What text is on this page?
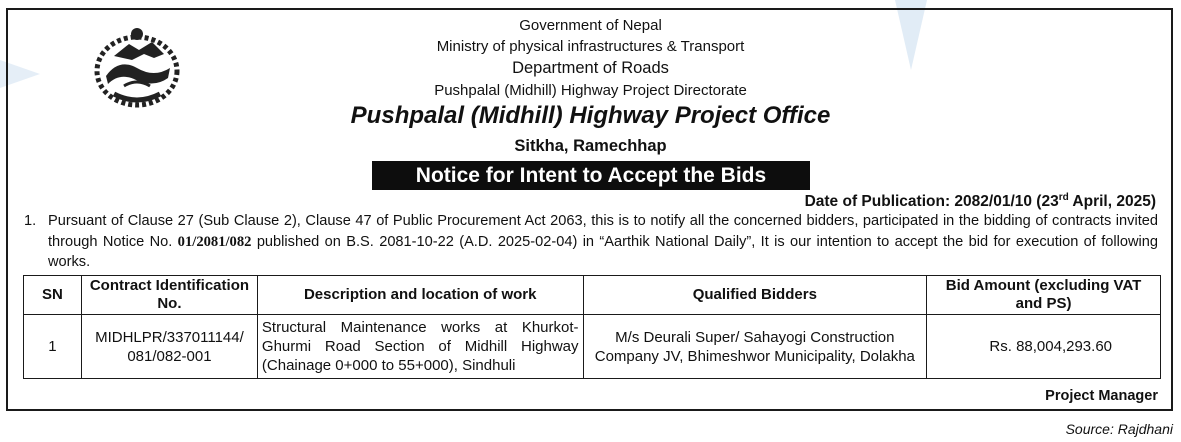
Government of Nepal
Ministry of physical infrastructures & Transport
Department of Roads
Pushpalal (Midhill) Highway Project Directorate
Pushpalal (Midhill) Highway Project Office
Sitkha, Ramechhap
Notice for Intent to Accept the Bids
Date of Publication: 2082/01/10 (23rd April, 2025)
1. Pursuant of Clause 27 (Sub Clause 2), Clause 47 of Public Procurement Act 2063, this is to notify all the concerned bidders, participated in the bidding of contracts invited through Notice No. 01/2081/082 published on B.S. 2081-10-22 (A.D. 2025-02-04) in “Aarthik National Daily”, It is our intention to accept the bid for execution of following works.
SN	Contract Identification No.	Description and location of work	Qualified Bidders	Bid Amount (excluding VAT and PS)
1	MIDHLPR/337011144/ 081/082-001	Structural Maintenance works at Khurkot-Ghurmi Road Section of Midhill Highway (Chainage 0+000 to 55+000), Sindhuli	M/s Deurali Super/ Sahayogi Construction Company JV, Bhimeshwor Municipality, Dolakha	Rs. 88,004,293.60
Project Manager
Source: Rajdhani
